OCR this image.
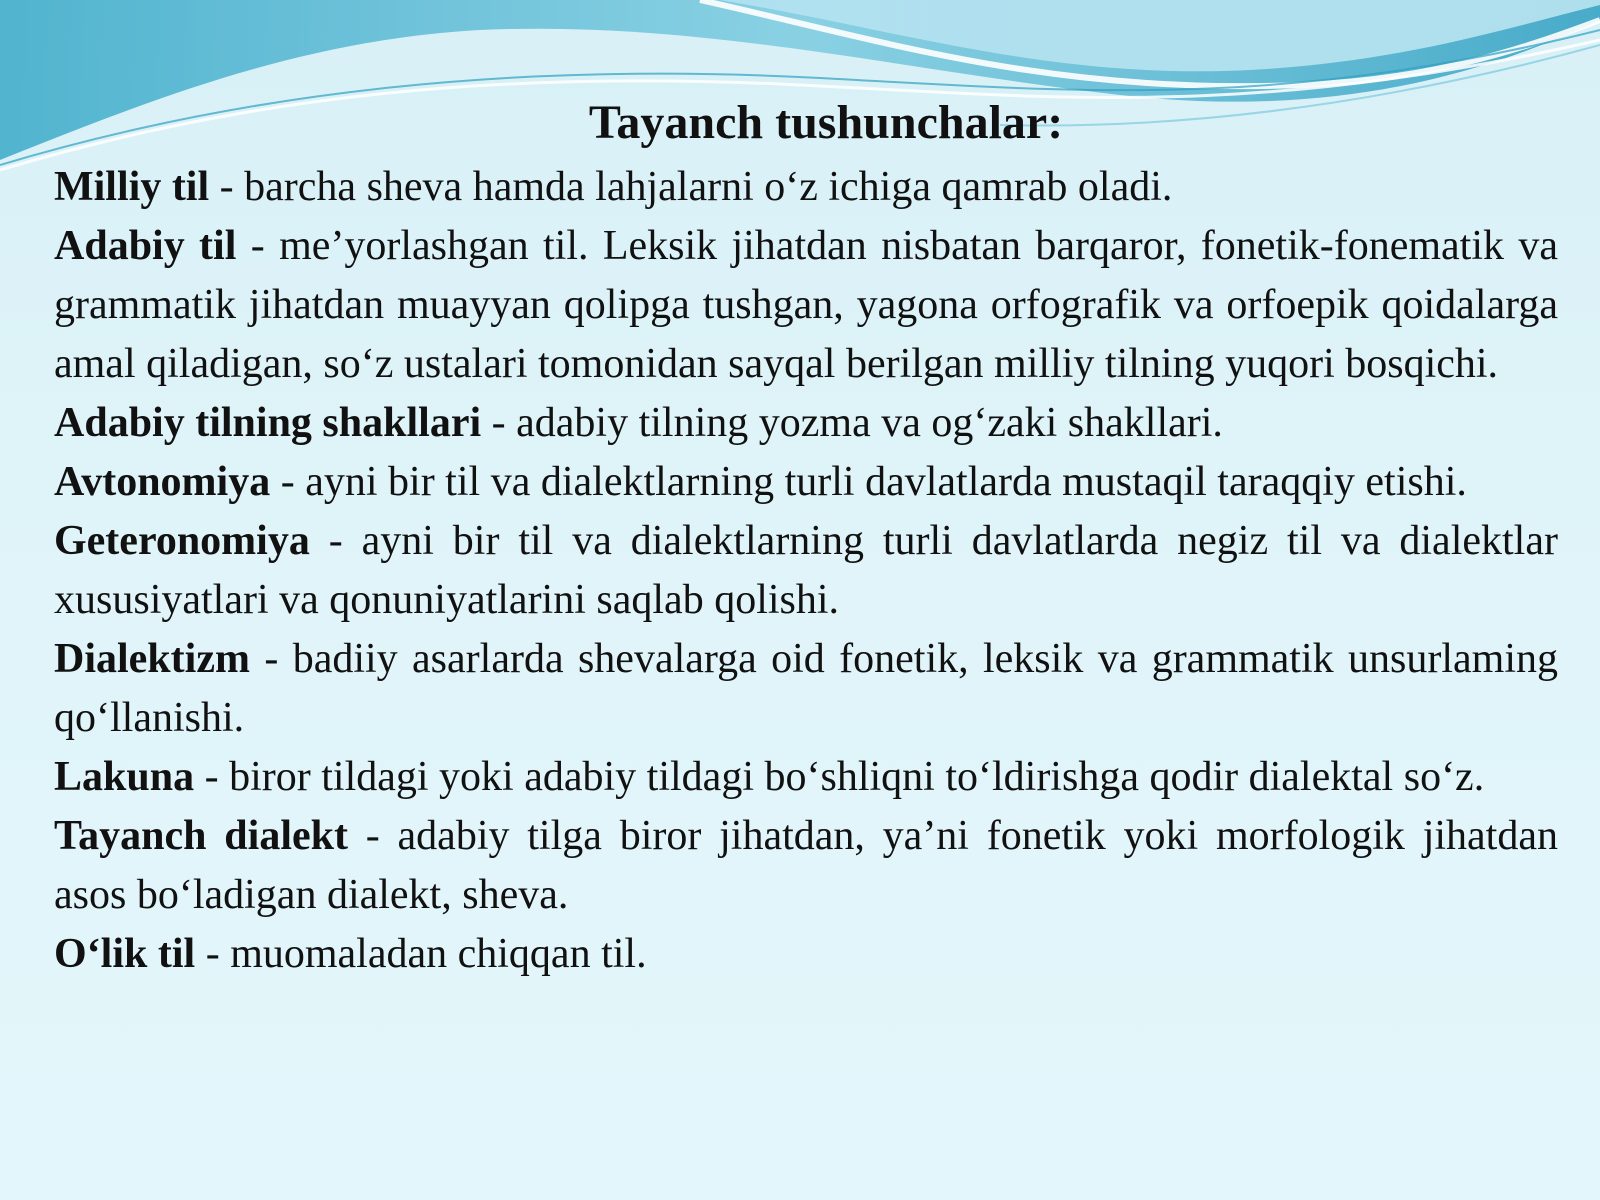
Tayanch tushunchalar:
Milliy til - barcha sheva hamda lahjalarni o‘z ichiga qamrab oladi.
Adabiy til - me’yorlashgan til. Leksik jihatdan nisbatan barqaror, fonetik-fonematik va grammatik jihatdan muayyan qolipga tushgan, yagona orfografik va orfoepik qoidalarga amal qiladigan, so‘z ustalari tomonidan sayqal berilgan milliy tilning yuqori bosqichi.
Adabiy tilning shakllari - adabiy tilning yozma va og‘zaki shakllari.
Avtonomiya - ayni bir til va dialektlarning turli davlatlarda mustaqil taraqqiy etishi.
Geteronomiya - ayni bir til va dialektlarning turli davlatlarda negiz til va dialektlar xususiyatlari va qonuniyatlarini saqlab qolishi.
Dialektizm - badiiy asarlarda shevalarga oid fonetik, leksik va grammatik unsurlaming qo‘llanishi.
Lakuna - biror tildagi yoki adabiy tildagi bo‘shliqni to‘ldirishga qodir dialektal so‘z.
Tayanch dialekt - adabiy tilga biror jihatdan, ya’ni fonetik yoki morfologik jihatdan asos bo‘ladigan dialekt, sheva.
O‘lik til - muomaladan chiqqan til.
